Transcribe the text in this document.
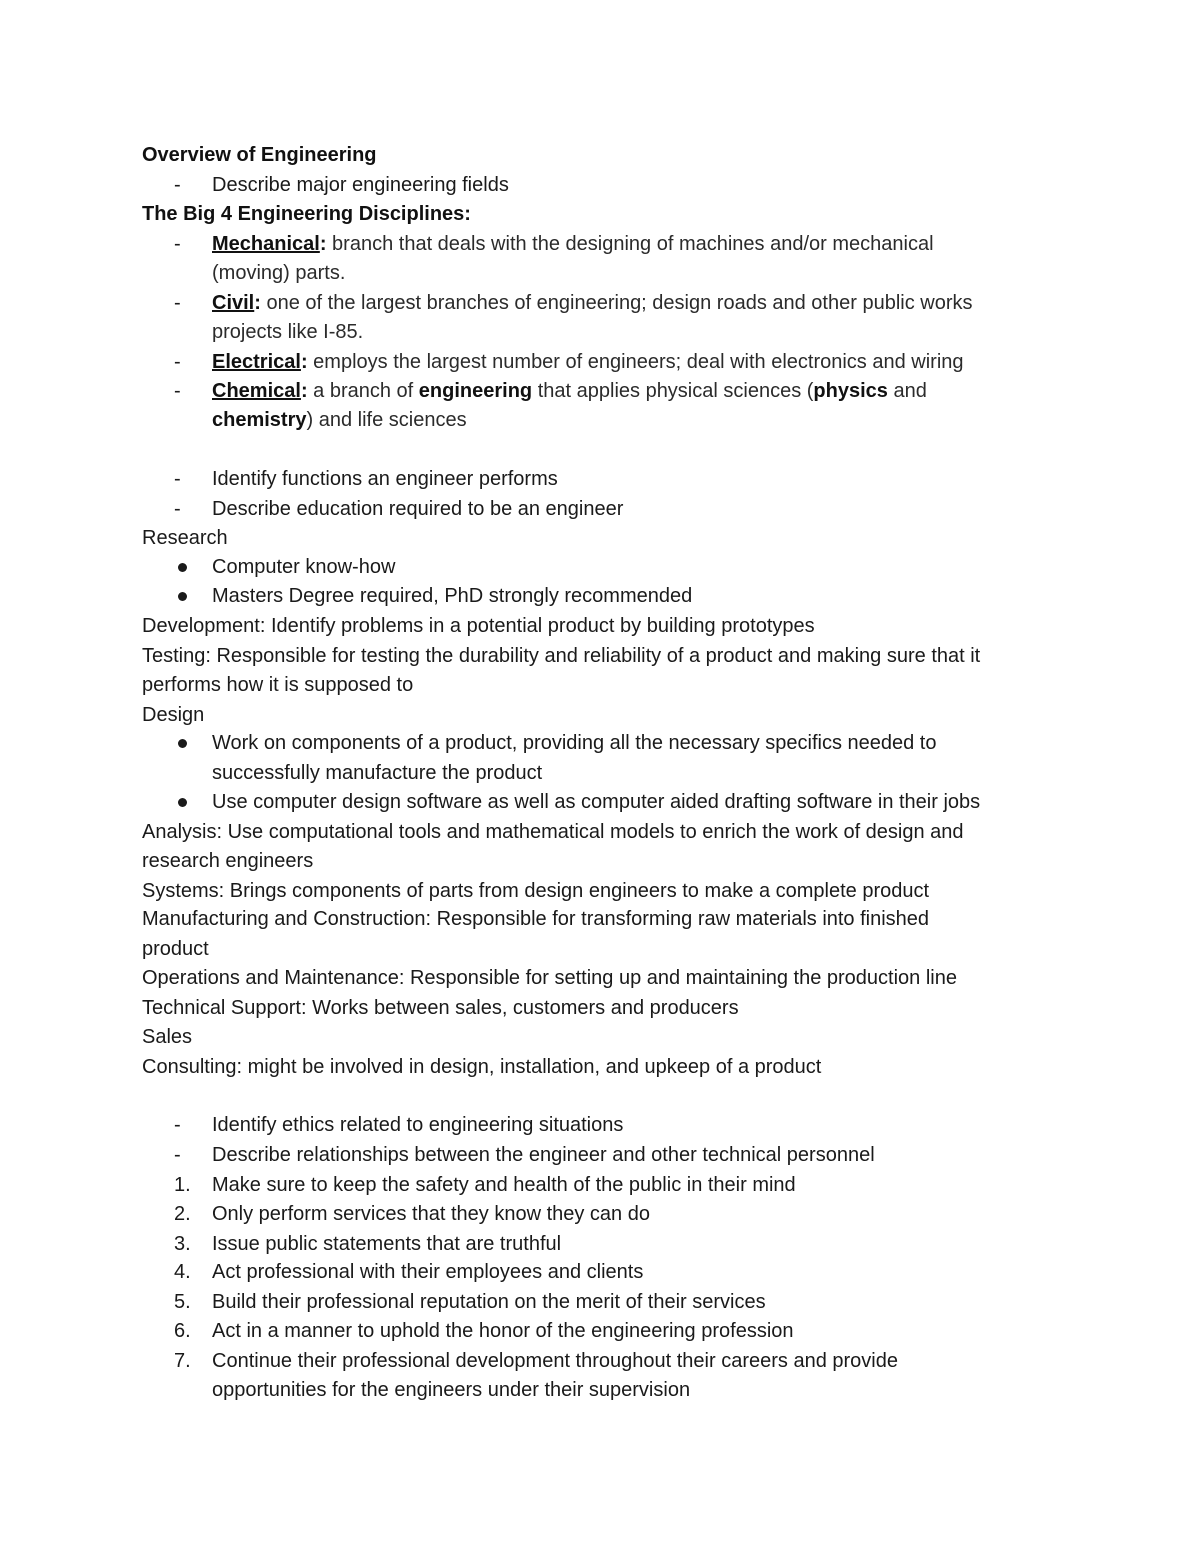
Overview of Engineering
-	Describe major engineering fields
The Big 4 Engineering Disciplines:
-	Mechanical: branch that deals with the designing of machines and/or mechanical
(moving) parts.
-	Civil: one of the largest branches of engineering; design roads and other public works
projects like I-85.
-	Electrical: employs the largest number of engineers; deal with electronics and wiring
-	Chemical: a branch of engineering that applies physical sciences (physics and
chemistry) and life sciences
-	Identify functions an engineer performs
-	Describe education required to be an engineer
Research
Computer know-how
Masters Degree required, PhD strongly recommended
Development: Identify problems in a potential product by building prototypes
Testing: Responsible for testing the durability and reliability of a product and making sure that it
performs how it is supposed to
Design
Work on components of a product, providing all the necessary specifics needed to
successfully manufacture the product
Use computer design software as well as computer aided drafting software in their jobs
Analysis: Use computational tools and mathematical models to enrich the work of design and
research engineers
Systems: Brings components of parts from design engineers to make a complete product
Manufacturing and Construction: Responsible for transforming raw materials into finished
product
Operations and Maintenance: Responsible for setting up and maintaining the production line
Technical Support: Works between sales, customers and producers
Sales
Consulting: might be involved in design, installation, and upkeep of a product
-	Identify ethics related to engineering situations
-	Describe relationships between the engineer and other technical personnel
1.	Make sure to keep the safety and health of the public in their mind
2.	Only perform services that they know they can do
3.	Issue public statements that are truthful
4.	Act professional with their employees and clients
5.	Build their professional reputation on the merit of their services
6.	Act in a manner to uphold the honor of the engineering profession
7.	Continue their professional development throughout their careers and provide
opportunities for the engineers under their supervision
